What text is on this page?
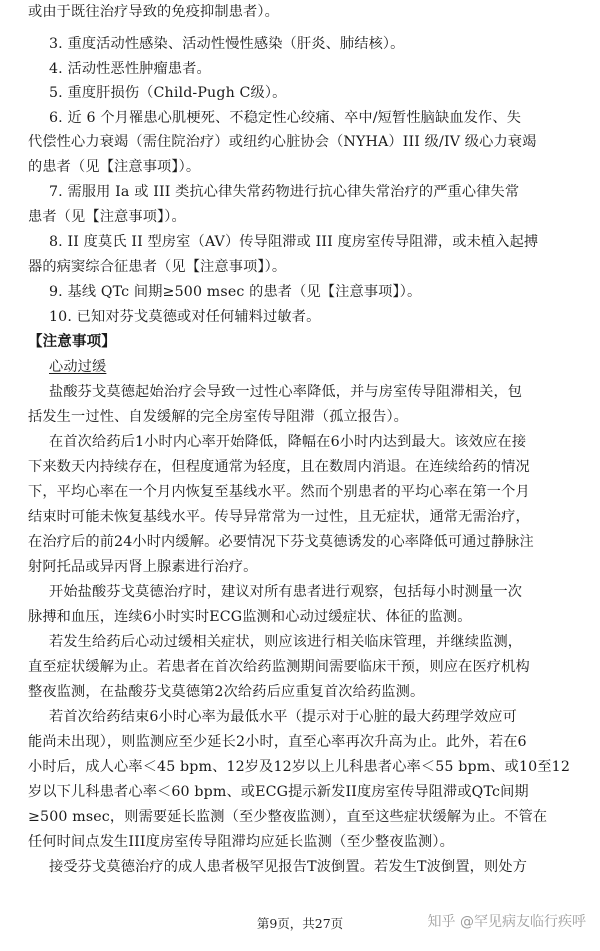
或由于既往治疗导致的免疫抑制患者）。
3. 重度活动性感染、活动性慢性感染（肝炎、肺结核）。
4. 活动性恶性肿瘤患者。
5. 重度肝损伤（Child-Pugh C级）。
6. 近 6 个月罹患心肌梗死、不稳定性心绞痛、卒中/短暂性脑缺血发作、失
代偿性心力衰竭（需住院治疗）或纽约心脏协会（NYHA）III 级/IV 级心力衰竭
的患者（见【注意事项】）。
7. 需服用 Ia 或 III 类抗心律失常药物进行抗心律失常治疗的严重心律失常
患者（见【注意事项】）。
8. II 度莫氏 II 型房室（AV）传导阻滞或 III 度房室传导阻滞，或未植入起搏
器的病窦综合征患者（见【注意事项】）。
9. 基线 QTc 间期≥500 msec 的患者（见【注意事项】）。
10. 已知对芬戈莫德或对任何辅料过敏者。
【注意事项】
心动过缓
盐酸芬戈莫德起始治疗会导致一过性心率降低，并与房室传导阻滞相关，包
括发生一过性、自发缓解的完全房室传导阻滞（孤立报告）。
在首次给药后1小时内心率开始降低，降幅在6小时内达到最大。该效应在接
下来数天内持续存在，但程度通常为轻度，且在数周内消退。在连续给药的情况
下，平均心率在一个月内恢复至基线水平。然而个别患者的平均心率在第一个月
结束时可能未恢复基线水平。传导异常常为一过性，且无症状，通常无需治疗，
在治疗后的前24小时内缓解。必要情况下芬戈莫德诱发的心率降低可通过静脉注
射阿托品或异丙肾上腺素进行治疗。
开始盐酸芬戈莫德治疗时，建议对所有患者进行观察，包括每小时测量一次
脉搏和血压，连续6小时实时ECG监测和心动过缓症状、体征的监测。
若发生给药后心动过缓相关症状，则应该进行相关临床管理，并继续监测，
直至症状缓解为止。若患者在首次给药监测期间需要临床干预，则应在医疗机构
整夜监测，在盐酸芬戈莫德第2次给药后应重复首次给药监测。
若首次给药结束6小时心率为最低水平（提示对于心脏的最大药理学效应可
能尚未出现），则监测应至少延长2小时，直至心率再次升高为止。此外，若在6
小时后，成人心率＜45 bpm、12岁及12岁以上儿科患者心率＜55 bpm、或10至12
岁以下儿科患者心率＜60 bpm、或ECG提示新发II度房室传导阻滞或QTc间期
≥500 msec，则需要延长监测（至少整夜监测），直至这些症状缓解为止。不管在
任何时间点发生III度房室传导阻滞均应延长监测（至少整夜监测）。
接受芬戈莫德治疗的成人患者极罕见报告T波倒置。若发生T波倒置，则处方
第9页，共27页	知乎 @罕见病友临行疾呼
